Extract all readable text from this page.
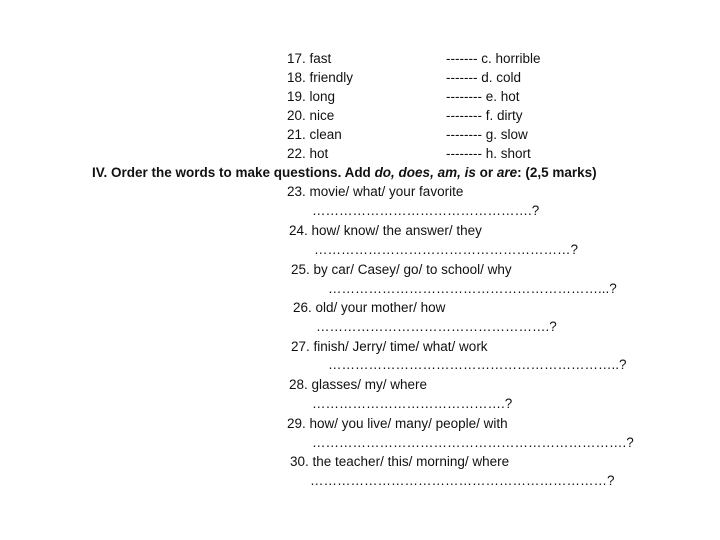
17. fast	------- c. horrible
18. friendly	------- d. cold
19. long	-------- e. hot
20. nice	-------- f. dirty
21. clean	-------- g. slow
22. hot	-------- h. short
IV. Order the words to make questions. Add do, does, am, is or are: (2,5 marks)
23. movie/ what/ your favorite
………………………………………….?
24. how/ know/ the answer/ they
…………………………………………………?
25. by car/ Casey/ go/ to school/ why
……………………………………………………...?
26. old/ your mother/ how
…………………………………………….?
27. finish/ Jerry/ time/ what/ work
………………………………………………………..?
28. glasses/ my/ where
…………………………………….?
29. how/ you live/ many/ people/ with
…………………………………………………………….?
30. the teacher/ this/ morning/ where
…………………………………………………………?
